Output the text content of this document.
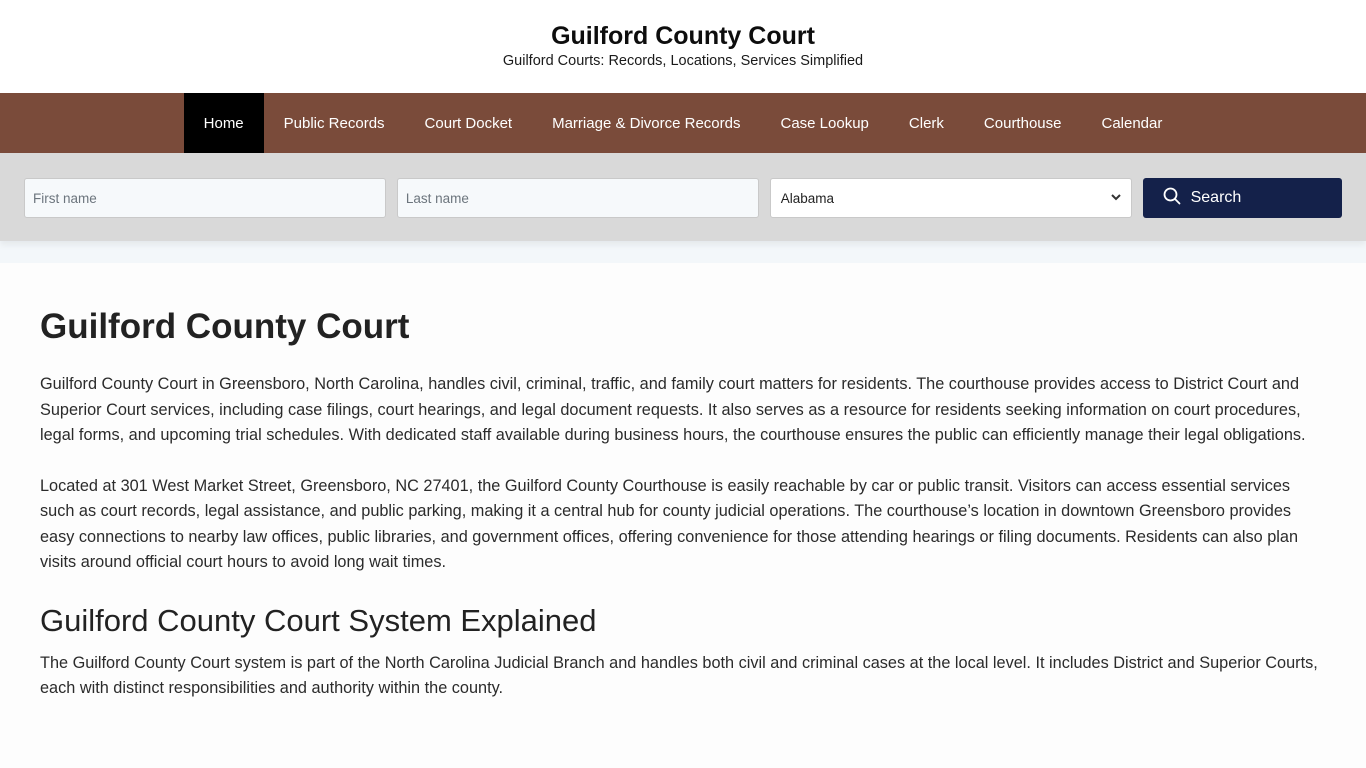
Guilford County Court
Guilford Courts: Records, Locations, Services Simplified
Home	Public Records	Court Docket	Marriage & Divorce Records	Case Lookup	Clerk	Courthouse	Calendar
First name
Last name
Alabama	Search
Guilford County Court

Guilford County Court in Greensboro, North Carolina, handles civil, criminal, traffic, and family court matters for residents. The courthouse provides access to District Court and Superior Court services, including case filings, court hearings, and legal document requests. It also serves as a resource for residents seeking information on court procedures, legal forms, and upcoming trial schedules. With dedicated staff available during business hours, the courthouse ensures the public can efficiently manage their legal obligations.

Located at 301 West Market Street, Greensboro, NC 27401, the Guilford County Courthouse is easily reachable by car or public transit. Visitors can access essential services such as court records, legal assistance, and public parking, making it a central hub for county judicial operations. The courthouse’s location in downtown Greensboro provides easy connections to nearby law offices, public libraries, and government offices, offering convenience for those attending hearings or filing documents. Residents can also plan visits around official court hours to avoid long wait times.

Guilford County Court System Explained

The Guilford County Court system is part of the North Carolina Judicial Branch and handles both civil and criminal cases at the local level. It includes District and Superior Courts, each with distinct responsibilities and authority within the county.
